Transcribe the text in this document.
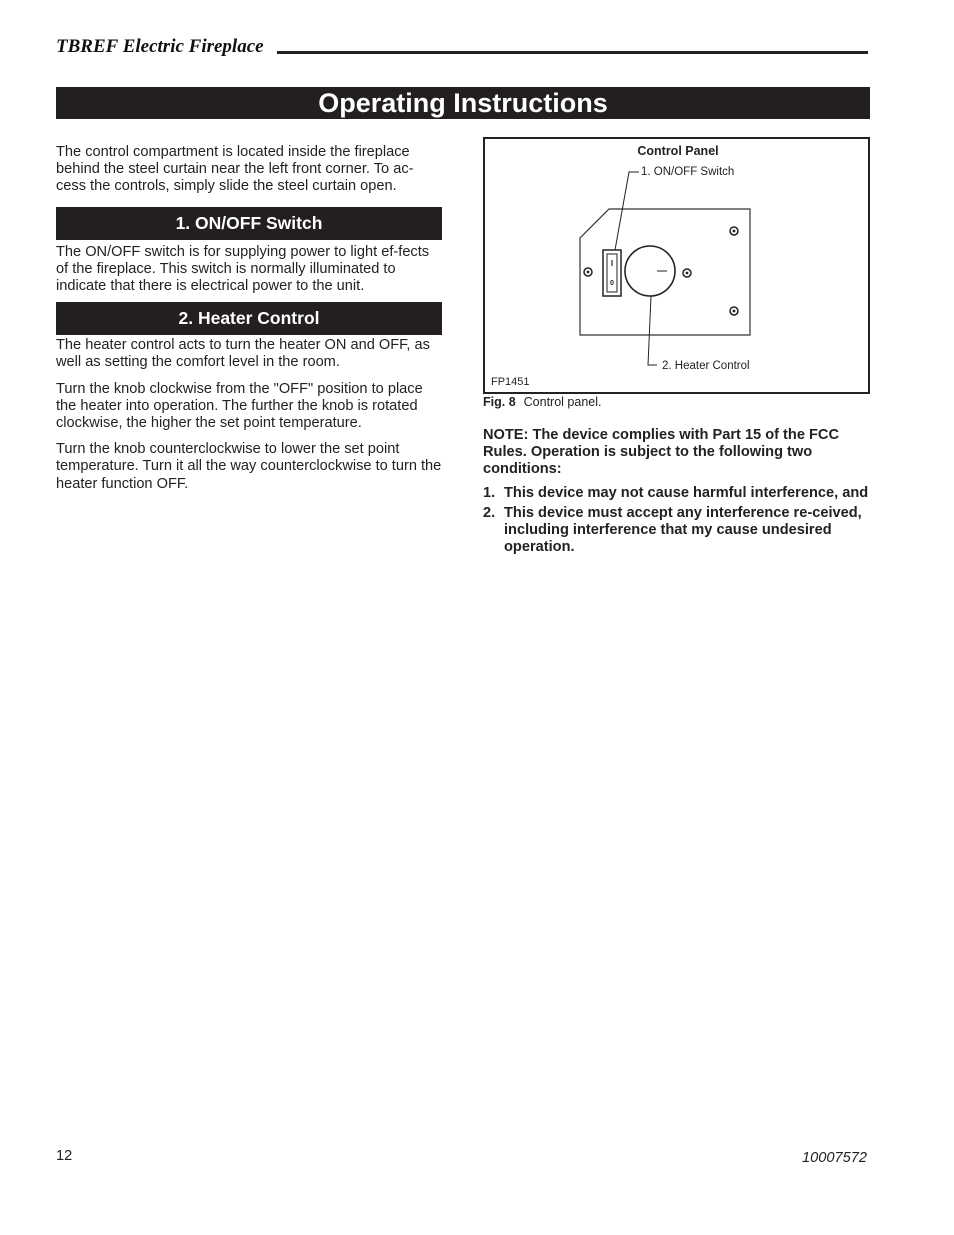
TBREF Electric Fireplace
Operating Instructions

The control compartment is located inside the fireplace behind the steel curtain near the left front corner. To ac-cess the controls, simply slide the steel curtain open.

1. ON/OFF Switch

The ON/OFF switch is for supplying power to light ef-fects of the fireplace. This switch is normally illuminated to indicate that there is electrical power to the unit.

2. Heater Control

The heater control acts to turn the heater ON and OFF, as well as setting the comfort level in the room.

Turn the knob clockwise from the "OFF" position to place the heater into operation. The further the knob is rotated clockwise, the higher the set point temperature.

Turn the knob counterclockwise to lower the set point temperature. Turn it all the way counterclockwise to turn the heater function OFF.

Control Panel
1. ON/OFF Switch
2. Heater Control
FP1451
I
0
Fig. 8 Control panel.
NOTE: The device complies with Part 15 of the FCC Rules. Operation is subject to the following two conditions:
1. This device may not cause harmful interference, and
2. This device must accept any interference re-ceived, including interference that my cause undesired operation.
12	10007572
